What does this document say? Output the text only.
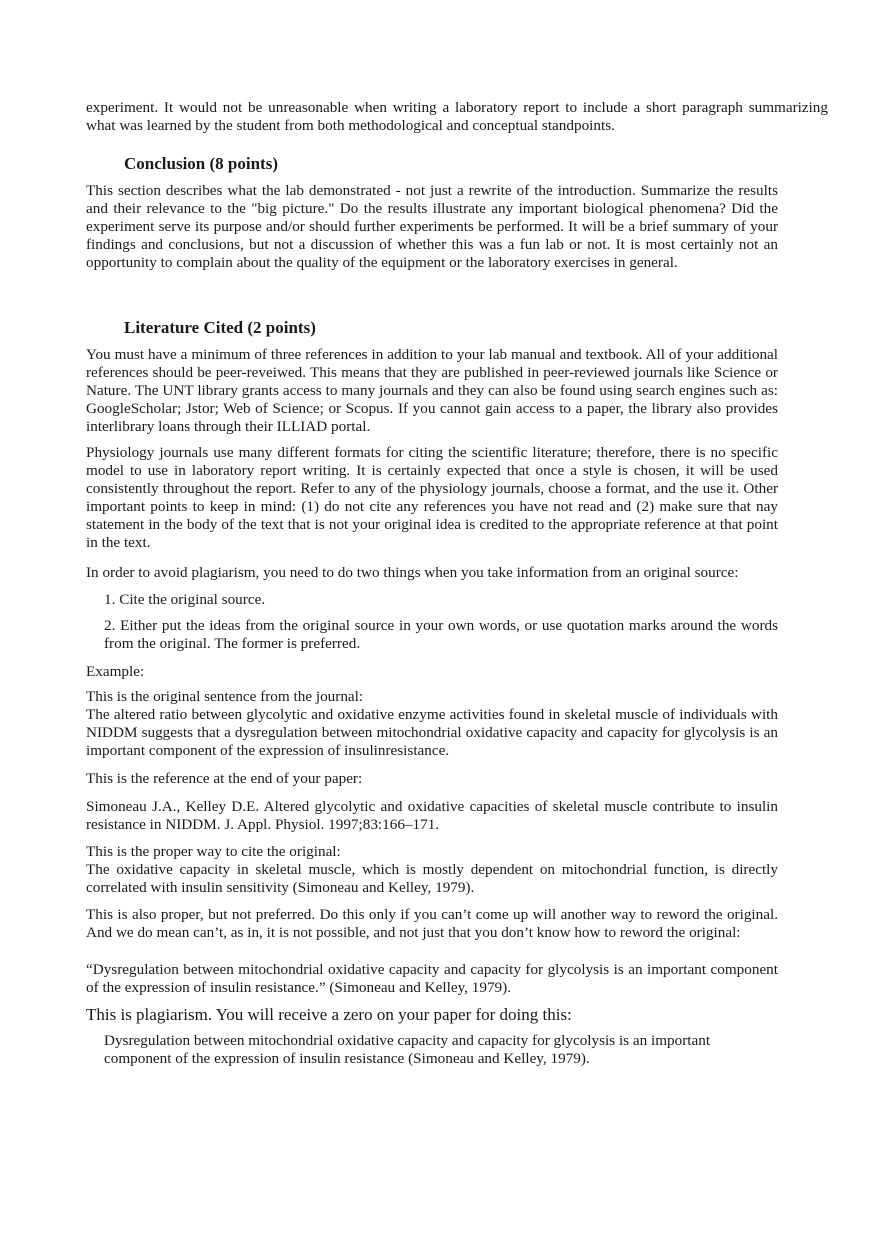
experiment. It would not be unreasonable when writing a laboratory report to include a short paragraph summarizing what was learned by the student from both methodological and conceptual standpoints.

Conclusion (8 points)

This section describes what the lab demonstrated - not just a rewrite of the introduction. Summarize the results and their relevance to the "big picture." Do the results illustrate any important biological phenomena? Did the experiment serve its purpose and/or should further experiments be performed. It will be a brief summary of your findings and conclusions, but not a discussion of whether this was a fun lab or not. It is most certainly not an opportunity to complain about the quality of the equipment or the laboratory exercises in general.

Literature Cited (2 points)

You must have a minimum of three references in addition to your lab manual and textbook. All of your additional references should be peer-reveiwed. This means that they are published in peer-reviewed journals like Science or Nature. The UNT library grants access to many journals and they can also be found using search engines such as: GoogleScholar; Jstor; Web of Science; or Scopus. If you cannot gain access to a paper, the library also provides interlibrary loans through their ILLIAD portal.

Physiology journals use many different formats for citing the scientific literature; therefore, there is no specific model to use in laboratory report writing. It is certainly expected that once a style is chosen, it will be used consistently throughout the report. Refer to any of the physiology journals, choose a format, and the use it. Other important points to keep in mind: (1) do not cite any references you have not read and (2) make sure that nay statement in the body of the text that is not your original idea is credited to the appropriate reference at that point in the text.

In order to avoid plagiarism, you need to do two things when you take information from an original source:

1. Cite the original source.

2. Either put the ideas from the original source in your own words, or use quotation marks around the words from the original. The former is preferred.

Example:

This is the original sentence from the journal:

The altered ratio between glycolytic and oxidative enzyme activities found in skeletal muscle of individuals with NIDDM suggests that a dysregulation between mitochondrial oxidative capacity and capacity for glycolysis is an important component of the expression of insulinresistance.

This is the reference at the end of your paper:

Simoneau J.A., Kelley D.E. Altered glycolytic and oxidative capacities of skeletal muscle contribute to insulin resistance in NIDDM. J. Appl. Physiol. 1997;83:166–171.

This is the proper way to cite the original:

The oxidative capacity in skeletal muscle, which is mostly dependent on mitochondrial function, is directly correlated with insulin sensitivity (Simoneau and Kelley, 1979).

This is also proper, but not preferred. Do this only if you can’t come up will another way to reword the original. And we do mean can’t, as in, it is not possible, and not just that you don’t know how to reword the original:

“Dysregulation between mitochondrial oxidative capacity and capacity for glycolysis is an important component of the expression of insulin resistance.” (Simoneau and Kelley, 1979).

This is plagiarism. You will receive a zero on your paper for doing this:

Dysregulation between mitochondrial oxidative capacity and capacity for glycolysis is an important component of the expression of insulin resistance (Simoneau and Kelley, 1979).
